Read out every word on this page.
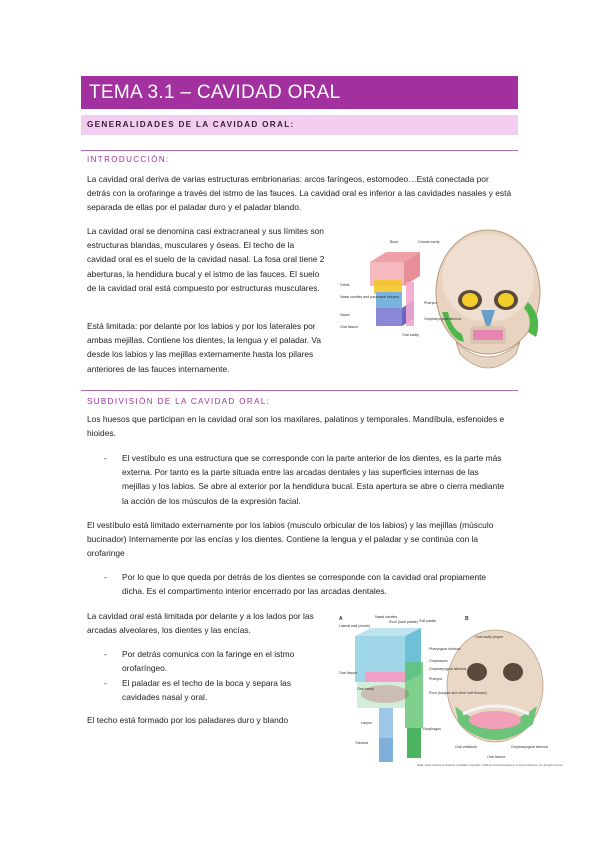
TEMA 3.1 – CAVIDAD ORAL
GENERALIDADES DE LA CAVIDAD ORAL:
INTRODUCCIÓN:

La cavidad oral deriva de varias estructuras embrionarias: arcos faríngeos, estomodeo…Está conectada por detrás con la orofaringe a través del istmo de las fauces. La cavidad oral es inferior a las cavidades nasales y está separada de ellas por el paladar duro y el paladar blando.

La cavidad oral se denomina casi extracraneal y sus límites son estructuras blandas, musculares y óseas. El techo de la cavidad oral es el suelo de la cavidad nasal. La fosa oral tiene 2 aberturas, la hendidura bucal y el istmo de las fauces. El suelo de la cavidad oral está compuesto por estructuras musculares.

Está limitada: por delante por los labios y por los laterales por ambas mejillas. Contiene los dientes, la lengua y el paladar. Va desde los labios y las mejillas externamente hasta los pilares anteriores de las fauces internamente.

Bone	Cranial cavity
Orbits
Nasal cavities and paranasal sinuses
Nares
Oral fissure
Pharynx
Oral cavity
Oropharyngeal isthmus
SUBDIVISIÓN DE LA CAVIDAD ORAL:

Los huesos que participan en la cavidad oral son los maxilares, palatinos y temporales. Mandíbula, esfenoides e hioides.

- El vestíbulo es una estructura que se corresponde con la parte anterior de los dientes, es la parte más externa. Por tanto es la parte situada entre las arcadas dentales y las superficies internas de las mejillas y los labios. Se abre al exterior por la hendidura bucal. Esta apertura se abre o cierra mediante la acción de los músculos de la expresión facial.

El vestíbulo está limitado externamente por los labios (musculo orbicular de los labios) y las mejillas (músculo bucinador) Internamente por las encías y los dientes. Contiene la lengua y el paladar y se continúa con la orofaringe

- Por lo que lo que queda por detrás de los dientes se corresponde con la cavidad oral propiamente dicha. Es el compartimento interior encerrado por las arcadas dentales.

La cavidad oral está limitada por delante y a los lados por las arcadas alveolares, los dientes y las encías.

- Por detrás comunica con la faringe en el istmo orofaríngeo.
- El paladar es el techo de la boca y separa las cavidades nasal y oral.

El techo está formado por los paladares duro y blando

A	B
Nasal cavities
Roof (hard palate) Soft palate
Lateral wall (cheek)
Pharyngeal isthmus
Oropharynx
Oropharyngeal isthmus
Oral fissure
Oral cavity
Pharynx
Floor (tongue and other soft tissues)
Larynx
Esophagus
Trachea
Oral cavity proper
Oral vestibule
Oral fissure
Oropharyngeal isthmus
Drake: Gray's Anatomy for Students, 2nd Edition. Copyright © 2009 by Churchill Livingstone, an imprint of Elsevier, Inc. All rights reserved.
